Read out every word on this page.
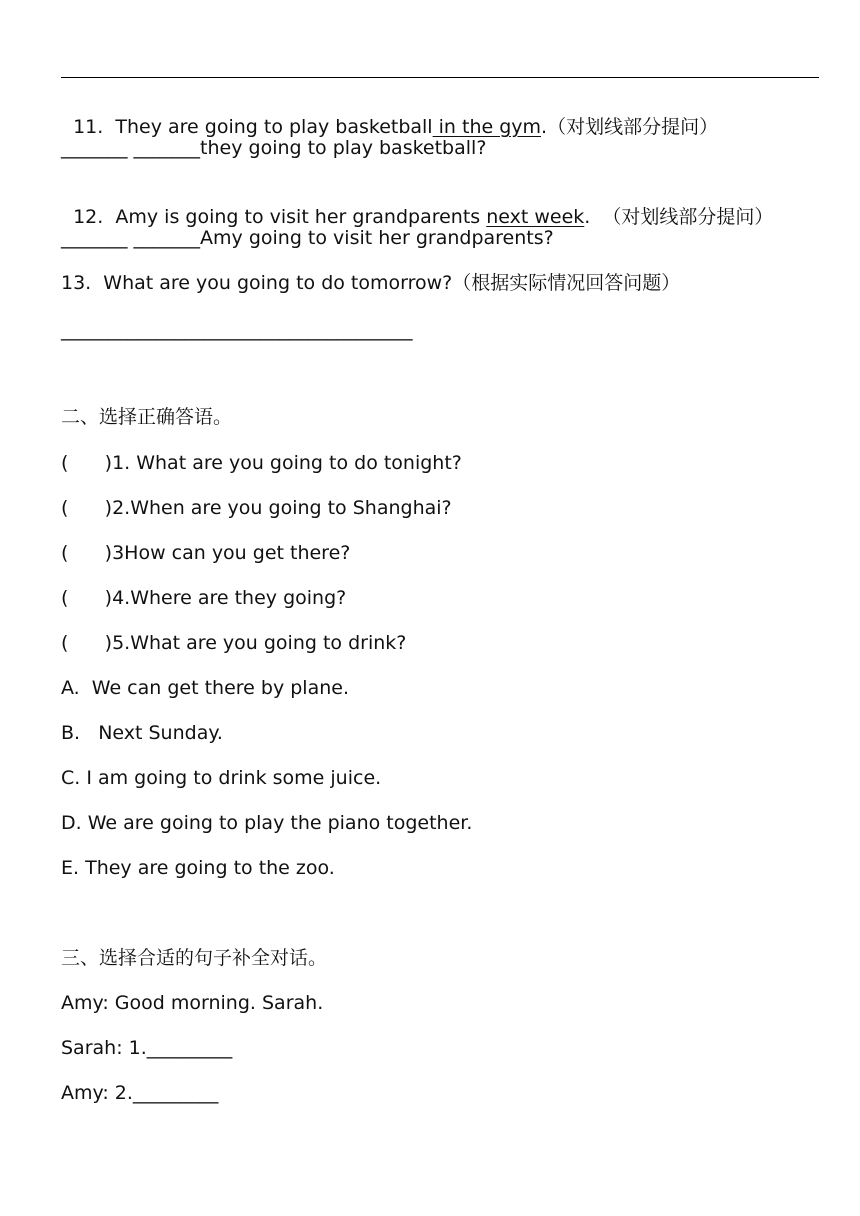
11.  They are going to play basketball in the gym.（对划线部分提问）

_______ _______they going to play basketball?

12.  Amy is going to visit her grandparents next week.  （对划线部分提问）

_______ _______Amy going to visit her grandparents?
13.  What are you going to do tomorrow?（根据实际情况回答问题）
_____________________________________
二、选择正确答语。
(      )1. What are you going to do tonight?
(      )2.When are you going to Shanghai?
(      )3How can you get there?
(      )4.Where are they going?
(      )5.What are you going to drink?
A.  We can get there by plane.
B.   Next Sunday.
C. I am going to drink some juice.
D. We are going to play the piano together.
E. They are going to the zoo.
三、选择合适的句子补全对话。
Amy: Good morning. Sarah.
Sarah: 1._________
Amy: 2._________
